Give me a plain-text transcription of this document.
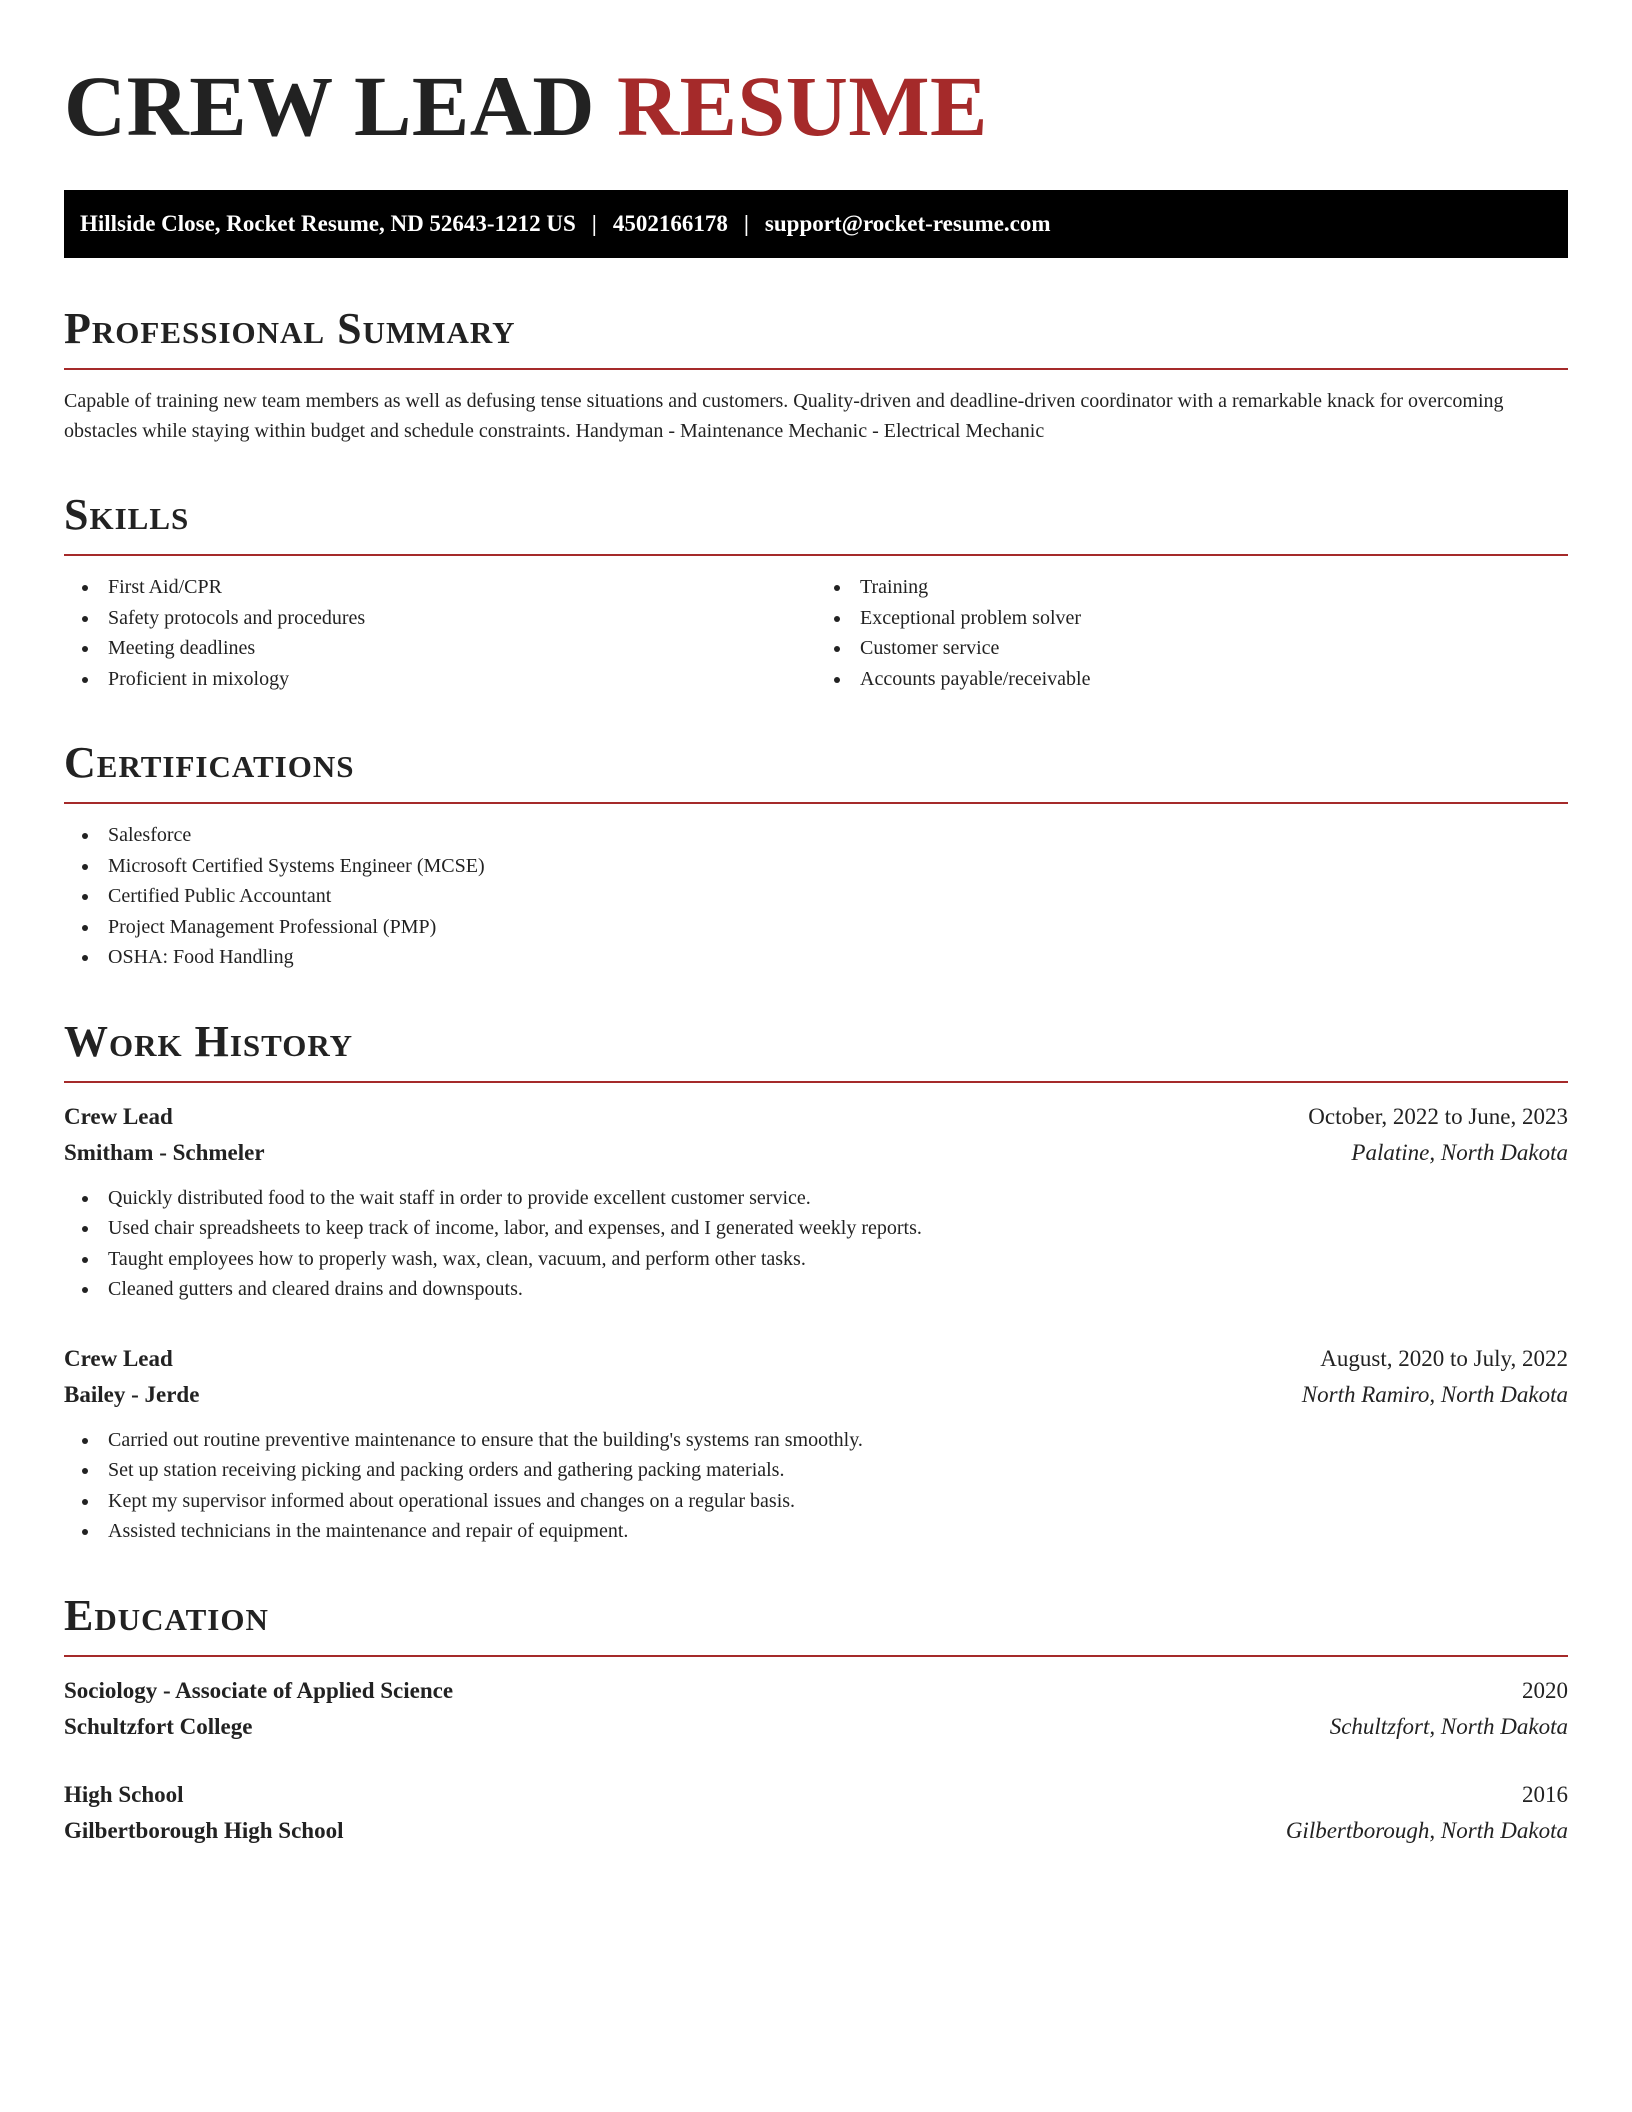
CREW LEAD RESUME
Hillside Close, Rocket Resume, ND 52643-1212 US | 4502166178 | support@rocket-resume.com
Professional Summary

Capable of training new team members as well as defusing tense situations and customers. Quality-driven and deadline-driven coordinator with a remarkable knack for overcoming obstacles while staying within budget and schedule constraints. Handyman - Maintenance Mechanic - Electrical Mechanic

Skills
First Aid/CPR
Safety protocols and procedures
Meeting deadlines
Proficient in mixology
Training
Exceptional problem solver
Customer service
Accounts payable/receivable
Certifications
Salesforce
Microsoft Certified Systems Engineer (MCSE)
Certified Public Accountant
Project Management Professional (PMP)
OSHA: Food Handling
Work History
Crew Lead	October, 2022 to June, 2023
Smitham - Schmeler	Palatine, North Dakota
Quickly distributed food to the wait staff in order to provide excellent customer service.
Used chair spreadsheets to keep track of income, labor, and expenses, and I generated weekly reports.
Taught employees how to properly wash, wax, clean, vacuum, and perform other tasks.
Cleaned gutters and cleared drains and downspouts.
Crew Lead	August, 2020 to July, 2022
Bailey - Jerde	North Ramiro, North Dakota
Carried out routine preventive maintenance to ensure that the building's systems ran smoothly.
Set up station receiving picking and packing orders and gathering packing materials.
Kept my supervisor informed about operational issues and changes on a regular basis.
Assisted technicians in the maintenance and repair of equipment.
Education
Sociology - Associate of Applied Science	2020
Schultzfort College	Schultzfort, North Dakota
High School	2016
Gilbertborough High School	Gilbertborough, North Dakota
